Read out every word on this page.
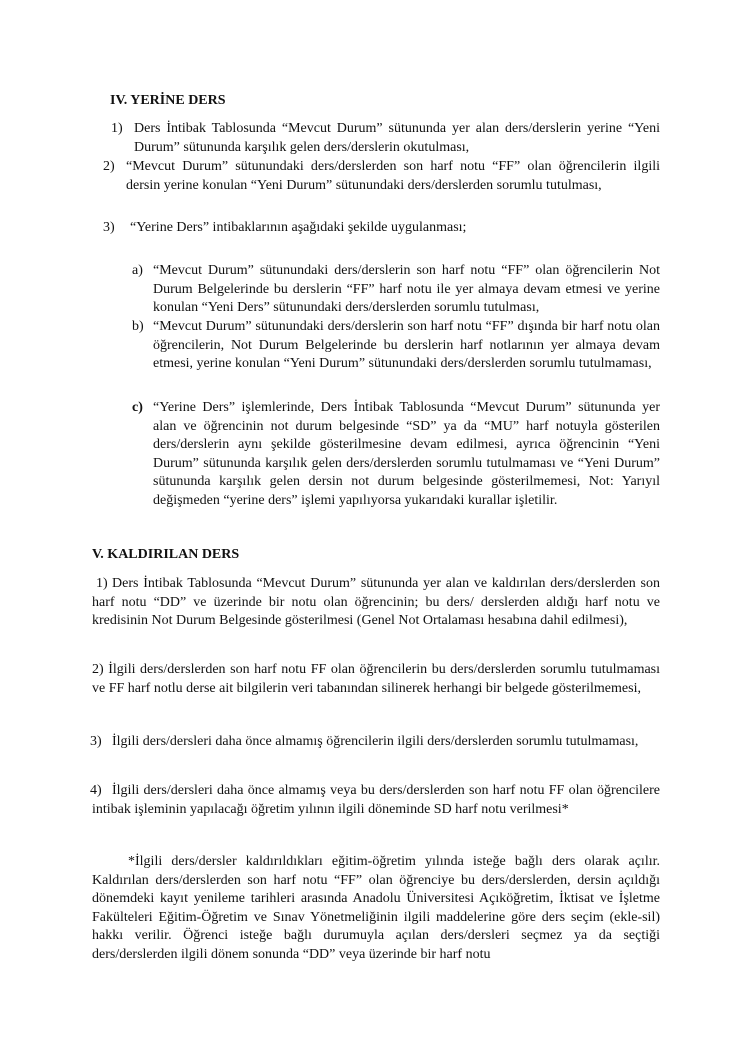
IV. YERİNE DERS
1) Ders İntibak Tablosunda “Mevcut Durum” sütununda yer alan ders/derslerin yerine “Yeni Durum” sütununda karşılık gelen ders/derslerin okutulması,
2) “Mevcut Durum” sütunundaki ders/derslerden son harf notu “FF” olan öğrencilerin ilgili dersin yerine konulan “Yeni Durum” sütunundaki ders/derslerden sorumlu tutulması,
3) “Yerine Ders” intibaklarının aşağıdaki şekilde uygulanması;
a) “Mevcut Durum” sütunundaki ders/derslerin son harf notu “FF” olan öğrencilerin Not Durum Belgelerinde bu derslerin “FF” harf notu ile yer almaya devam etmesi ve yerine konulan “Yeni Ders” sütunundaki ders/derslerden sorumlu tutulması,
b) “Mevcut Durum” sütunundaki ders/derslerin son harf notu “FF” dışında bir harf notu olan öğrencilerin, Not Durum Belgelerinde bu derslerin harf notlarının yer almaya devam etmesi, yerine konulan “Yeni Durum” sütunundaki ders/derslerden sorumlu tutulmaması,
c) “Yerine Ders” işlemlerinde, Ders İntibak Tablosunda “Mevcut Durum” sütununda yer alan ve öğrencinin not durum belgesinde “SD” ya da “MU” harf notuyla gösterilen ders/derslerin aynı şekilde gösterilmesine devam edilmesi, ayrıca öğrencinin “Yeni Durum” sütununda karşılık gelen ders/derslerden sorumlu tutulmaması ve “Yeni Durum” sütununda karşılık gelen dersin not durum belgesinde gösterilmemesi, Not: Yarıyıl değişmeden “yerine ders” işlemi yapılıyorsa yukarıdaki kurallar işletilir.
V. KALDIRILAN DERS
1) Ders İntibak Tablosunda “Mevcut Durum” sütununda yer alan ve kaldırılan ders/derslerden son harf notu “DD” ve üzerinde bir notu olan öğrencinin; bu ders/ derslerden aldığı harf notu ve kredisinin Not Durum Belgesinde gösterilmesi (Genel Not Ortalaması hesabına dahil edilmesi),
2) İlgili ders/derslerden son harf notu FF olan öğrencilerin bu ders/derslerden sorumlu tutulmaması ve FF harf notlu derse ait bilgilerin veri tabanından silinerek herhangi bir belgede gösterilmemesi,
3) İlgili ders/dersleri daha önce almamış öğrencilerin ilgili ders/derslerden sorumlu tutulmaması,
4) İlgili ders/dersleri daha önce almamış veya bu ders/derslerden son harf notu FF olan öğrencilere intibak işleminin yapılacağı öğretim yılının ilgili döneminde SD harf notu verilmesi*
*İlgili ders/dersler kaldırıldıkları eğitim-öğretim yılında isteğe bağlı ders olarak açılır. Kaldırılan ders/derslerden son harf notu “FF” olan öğrenciye bu ders/derslerden, dersin açıldığı dönemdeki kayıt yenileme tarihleri arasında Anadolu Üniversitesi Açıköğretim, İktisat ve İşletme Fakülteleri Eğitim-Öğretim ve Sınav Yönetmeliğinin ilgili maddelerine göre ders seçim (ekle-sil) hakkı verilir. Öğrenci isteğe bağlı durumuyla açılan ders/dersleri seçmez ya da seçtiği ders/derslerden ilgili dönem sonunda “DD” veya üzerinde bir harf notu
